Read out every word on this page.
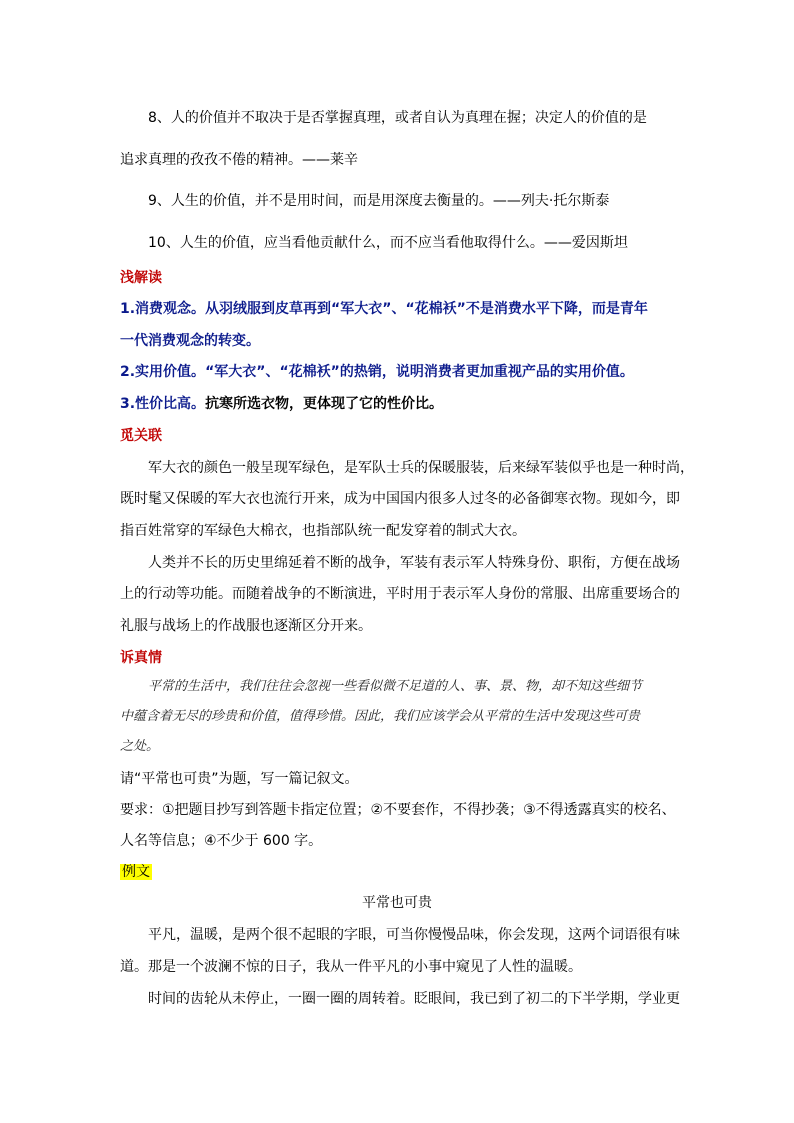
8、人的价值并不取决于是否掌握真理，或者自认为真理在握；决定人的价值的是

追求真理的孜孜不倦的精神。——莱辛

9、人生的价值，并不是用时间，而是用深度去衡量的。——列夫·托尔斯泰

10、人生的价值，应当看他贡献什么，而不应当看他取得什么。——爱因斯坦

浅解读

1.消费观念。从羽绒服到皮草再到“军大衣”、“花棉袄”不是消费水平下降，而是青年

一代消费观念的转变。

2.实用价值。“军大衣”、“花棉袄”的热销，说明消费者更加重视产品的实用价值。

3.性价比高。抗寒所选衣物，更体现了它的性价比。

觅关联

军大衣的颜色一般呈现军绿色，是军队士兵的保暖服装，后来绿军装似乎也是一种时尚，

既时髦又保暖的军大衣也流行开来，成为中国国内很多人过冬的必备御寒衣物。现如今，即

指百姓常穿的军绿色大棉衣，也指部队统一配发穿着的制式大衣。

人类并不长的历史里绵延着不断的战争，军装有表示军人特殊身份、职衔，方便在战场

上的行动等功能。而随着战争的不断演进，平时用于表示军人身份的常服、出席重要场合的

礼服与战场上的作战服也逐渐区分开来。

诉真情

平常的生活中，我们往往会忽视一些看似微不足道的人、事、景、物，却不知这些细节

中蕴含着无尽的珍贵和价值，值得珍惜。因此，我们应该学会从平常的生活中发现这些可贵

之处。

请“平常也可贵”为题，写一篇记叙文。

要求：①把题目抄写到答题卡指定位置；②不要套作，不得抄袭；③不得透露真实的校名、

人名等信息；④不少于 600 字。

例文

平常也可贵

平凡，温暖，是两个很不起眼的字眼，可当你慢慢品味，你会发现，这两个词语很有味

道。那是一个波澜不惊的日子，我从一件平凡的小事中窥见了人性的温暖。

时间的齿轮从未停止，一圈一圈的周转着。眨眼间，我已到了初二的下半学期，学业更
